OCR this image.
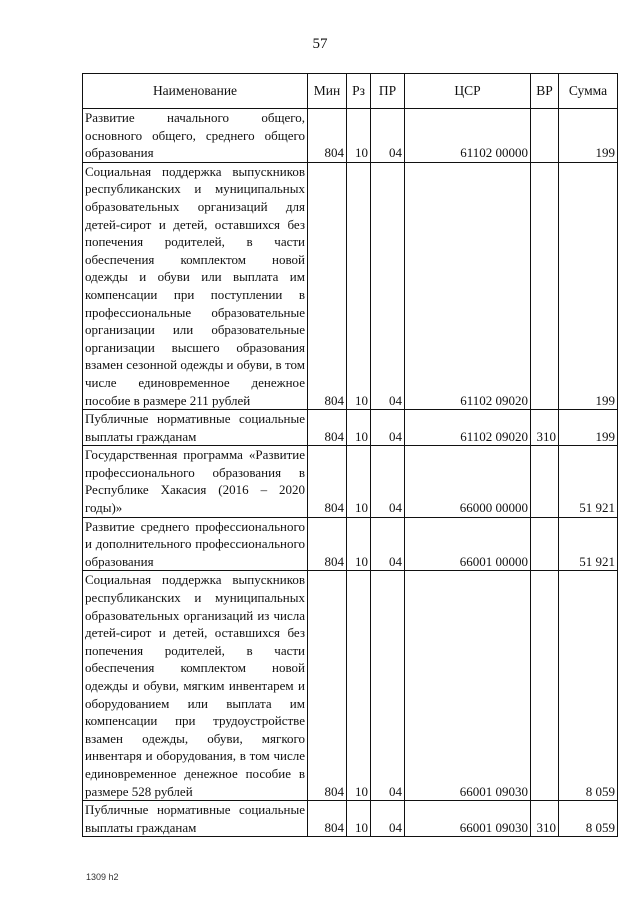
57
Наименование	Мин	Рз	ПР	ЦСР	ВР	Сумма
Развитие начального общего, основного общего, среднего общего образования	804	10	04	61102 00000		199
Социальная поддержка выпускников республиканских и муниципальных образовательных организаций для детей-сирот и детей, оставшихся без попечения родителей, в части обеспечения комплектом новой одежды и обуви или выплата им компенсации при поступлении в профессиональные образовательные организации или образовательные организации высшего образования взамен сезонной одежды и обуви, в том числе единовременное денежное пособие в размере 211 рублей	804	10	04	61102 09020		199
Публичные нормативные социальные выплаты гражданам	804	10	04	61102 09020	310	199
Государственная программа «Развитие профессионального образования в Республике Хакасия (2016 – 2020 годы)»	804	10	04	66000 00000		51 921
Развитие среднего профессионального и дополнительного профессионального образования	804	10	04	66001 00000		51 921
Социальная поддержка выпускников республиканских и муниципальных образовательных организаций из числа детей-сирот и детей, оставшихся без попечения родителей, в части обеспечения комплектом новой одежды и обуви, мягким инвентарем и оборудованием или выплата им компенсации при трудоустройстве взамен одежды, обуви, мягкого инвентаря и оборудования, в том числе единовременное денежное пособие в размере 528 рублей	804	10	04	66001 09030		8 059
Публичные нормативные социальные выплаты гражданам	804	10	04	66001 09030	310	8 059
1309 h2
